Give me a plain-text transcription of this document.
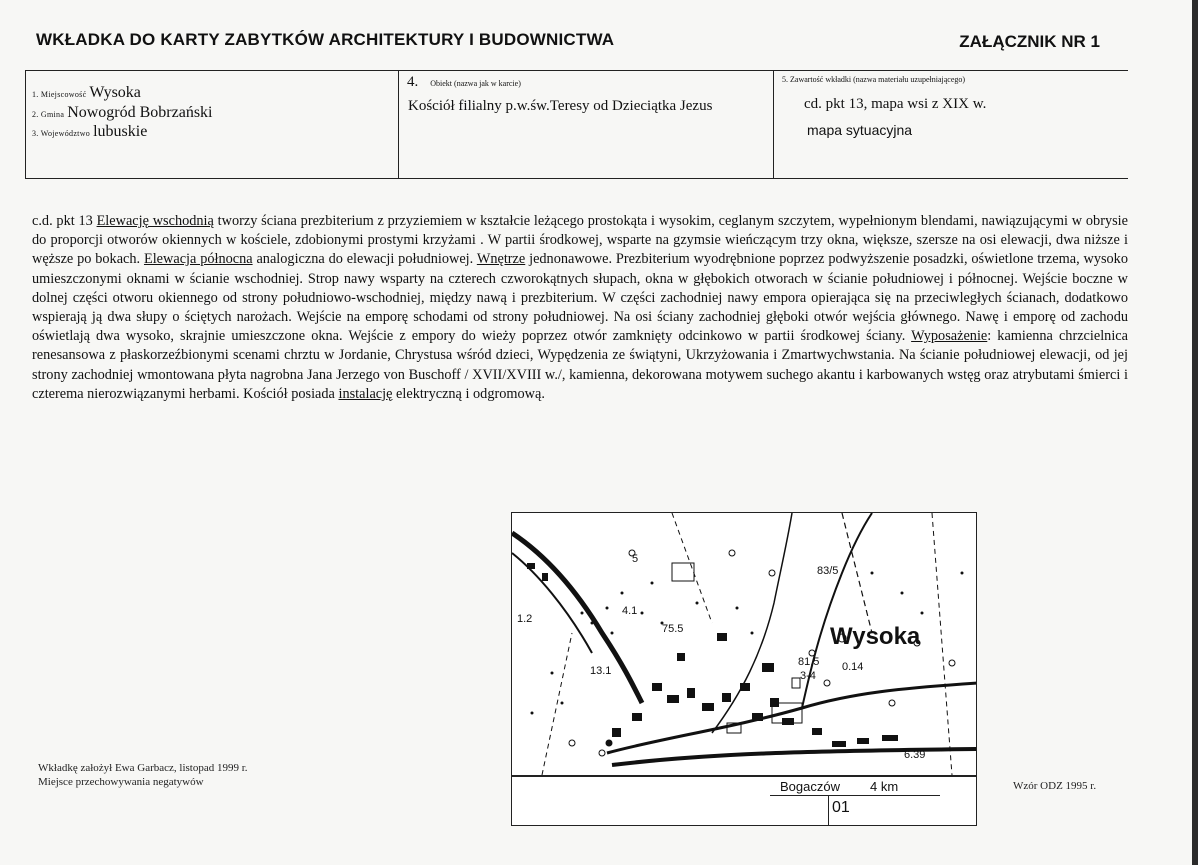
WKŁADKA DO KARTY ZABYTKÓW ARCHITEKTURY I BUDOWNICTWA	ZAŁĄCZNIK NR 1
1. Miejscowość Wysoka
2. Gmina Nowogród Bobrzański
3. Województwo lubuskie
4. Obiekt (nazwa jak w karcie)
Kościół filialny p.w.św.Teresy od Dzieciątka Jezus
5. Zawartość wkładki (nazwa materiału uzupełniającego)
cd. pkt 13, mapa wsi z XIX w.
mapa sytuacyjna
c.d. pkt 13 Elewację wschodnią tworzy ściana prezbiterium z przyziemiem w kształcie leżącego prostokąta i wysokim, ceglanym szczytem, wypełnionym blendami, nawiązującymi w obrysie do proporcji otworów okiennych w kościele, zdobionymi prostymi krzyżami . W partii środkowej, wsparte na gzymsie wieńczącym trzy okna, większe, szersze na osi elewacji, dwa niższe i węższe po bokach. Elewacja północna analogiczna do elewacji południowej. Wnętrze jednonawowe. Prezbiterium wyodrębnione poprzez podwyższenie posadzki, oświetlone trzema, wysoko umieszczonymi oknami w ścianie wschodniej. Strop nawy wsparty na czterech czworokątnych słupach, okna w głębokich otworach w ścianie południowej i północnej. Wejście boczne w dolnej części otworu okiennego od strony południowo-wschodniej, między nawą i prezbiterium. W części zachodniej nawy empora opierająca się na przeciwległych ścianach, dodatkowo wspierają ją dwa słupy o ściętych narożach. Wejście na emporę schodami od strony południowej. Na osi ściany zachodniej głęboki otwór wejścia głównego. Nawę i emporę od zachodu oświetlają dwa wysoko, skrajnie umieszczone okna. Wejście z empory do wieży poprzez otwór zamknięty odcinkowo w partii środkowej ściany. Wyposażenie: kamienna chrzcielnica renesansowa z płaskorzeźbionymi scenami chrztu w Jordanie, Chrystusa wśród dzieci, Wypędzenia ze świątyni, Ukrzyżowania i Zmartwychwstania. Na ścianie południowej elewacji, od jej strony zachodniej wmontowana płyta nagrobna Jana Jerzego von Buschoff / XVII/XVIII w./, kamienna, dekorowana motywem suchego akantu i karbowanych wstęg oraz atrybutami śmierci i czterema nierozwiązanymi herbami. Kościół posiada instalację elektryczną i odgromową.
Wysoka
83/5
75.5
81.5
3-4
0.14
13.1
1.2
4.1
5
6.39
Bogaczów 4 km
01
Wkładkę założył Ewa Garbacz, listopad 1999 r.
Miejsce przechowywania negatywów	Wzór ODZ 1995 r.
